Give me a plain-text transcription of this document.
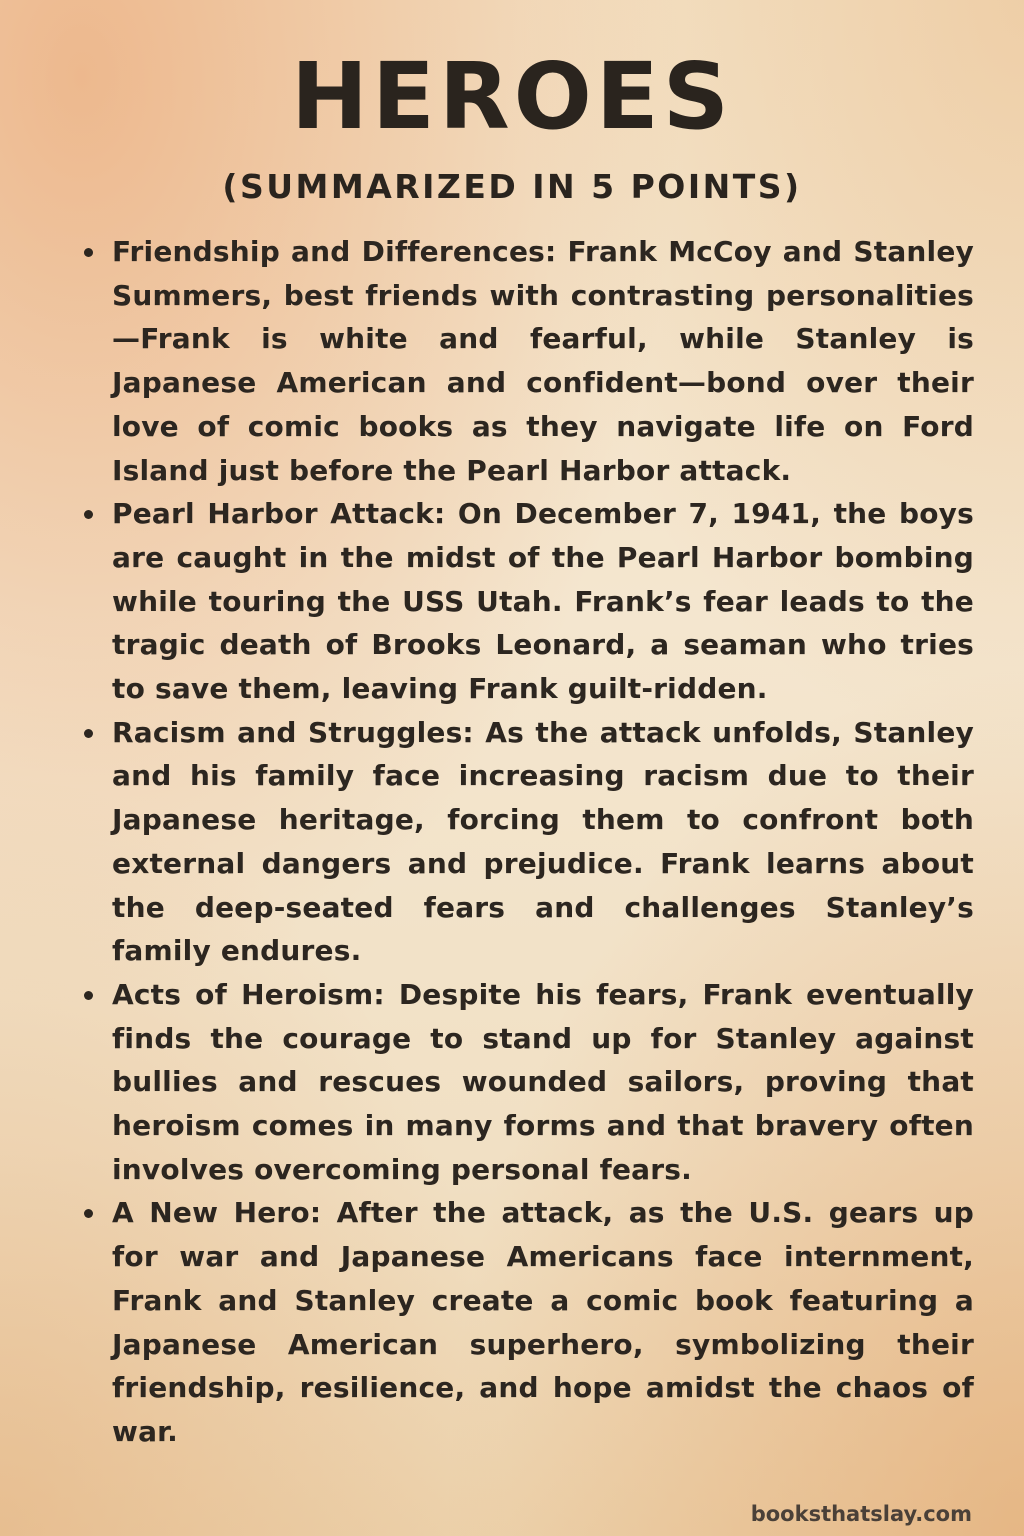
HEROES
(SUMMARIZED IN 5 POINTS)
Friendship and Differences: Frank McCoy and Stanley Summers, best friends with contrasting personalities—Frank is white and fearful, while Stanley is Japanese American and confident—bond over their love of comic books as they navigate life on Ford Island just before the Pearl Harbor attack.
Pearl Harbor Attack: On December 7, 1941, the boys are caught in the midst of the Pearl Harbor bombing while touring the USS Utah. Frank’s fear leads to the tragic death of Brooks Leonard, a seaman who tries to save them, leaving Frank guilt-ridden.
Racism and Struggles: As the attack unfolds, Stanley and his family face increasing racism due to their Japanese heritage, forcing them to confront both external dangers and prejudice. Frank learns about the deep-seated fears and challenges Stanley’s family endures.
Acts of Heroism: Despite his fears, Frank eventually finds the courage to stand up for Stanley against bullies and rescues wounded sailors, proving that heroism comes in many forms and that bravery often involves overcoming personal fears.
A New Hero: After the attack, as the U.S. gears up for war and Japanese Americans face internment, Frank and Stanley create a comic book featuring a Japanese American superhero, symbolizing their friendship, resilience, and hope amidst the chaos of war.
booksthatslay.com
